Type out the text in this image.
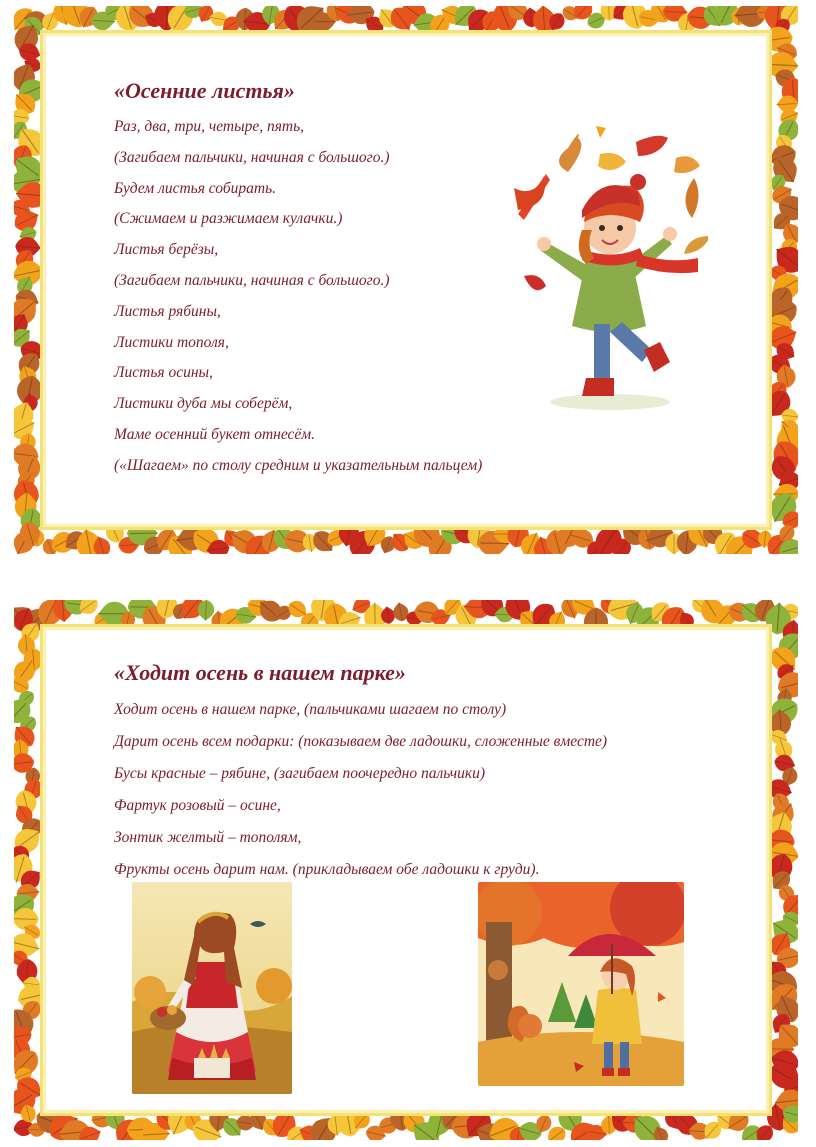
«Осенние листья»
Раз, два, три, четыре, пять,
(Загибаем пальчики, начиная с большого.)
Будем листья собирать.
(Сжимаем и разжимаем кулачки.)
Листья берёзы,
(Загибаем пальчики, начиная с большого.)
Листья рябины,
Листики тополя,
Листья осины,
Листики дуба мы соберём,
Маме осенний букет отнесём.
(«Шагаем» по столу средним и указательным пальцем)
«Ходит осень в нашем парке»
Ходит осень в нашем парке, (пальчиками шагаем по столу)
Дарит осень всем подарки: (показываем две ладошки, сложенные вместе)
Бусы красные – рябине, (загибаем поочередно пальчики)
Фартук розовый – осине,
Зонтик желтый – тополям,
Фрукты осень дарит нам. (прикладываем обе ладошки к груди).
